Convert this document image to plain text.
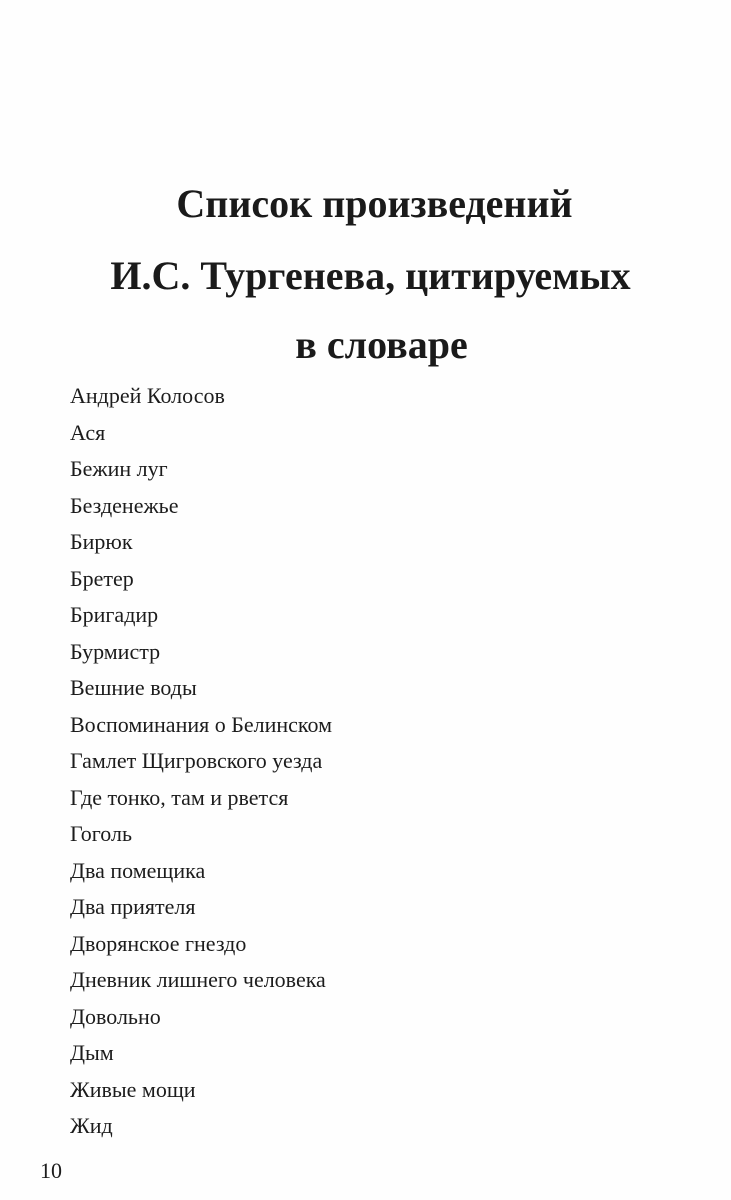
Список произведений
И.С. Тургенева, цитируемых
в словаре
Андрей Колосов
Ася
Бежин луг
Безденежье
Бирюк
Бретер
Бригадир
Бурмистр
Вешние воды
Воспоминания о Белинском
Гамлет Щигровского уезда
Где тонко, там и рвется
Гоголь
Два помещика
Два приятеля
Дворянское гнездо
Дневник лишнего человека
Довольно
Дым
Живые мощи
Жид
10
